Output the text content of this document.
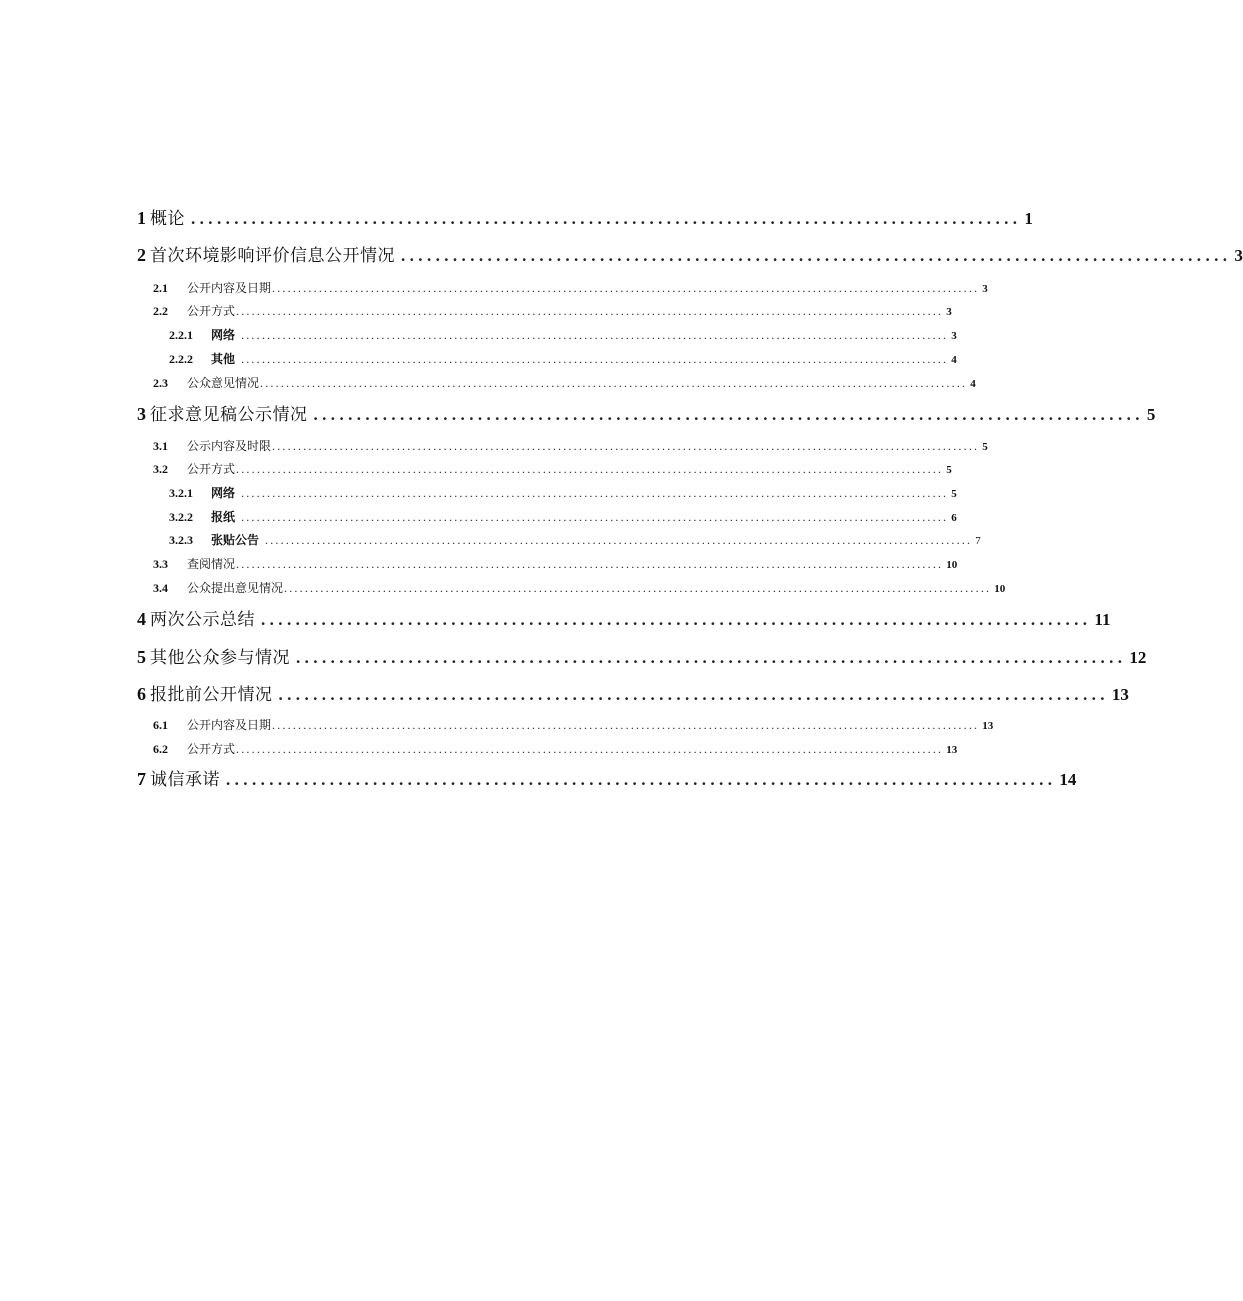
1 概论 ................................................................................................ 1
2 首次环境影响评价信息公开情况 ................................................................................................ 3
2.1	公开内容及日期 ........................................................................................................................................ 3
2.2	公开方式 ........................................................................................................................................ 3
2.2.1	网络 ........................................................................................................................................ 3
2.2.2	其他 ........................................................................................................................................ 4
2.3	公众意见情况 ........................................................................................................................................ 4
3 征求意见稿公示情况 ................................................................................................ 5
3.1	公示内容及时限 ........................................................................................................................................ 5
3.2	公开方式 ........................................................................................................................................ 5
3.2.1	网络 ........................................................................................................................................ 5
3.2.2	报纸 ........................................................................................................................................ 6
3.2.3	张贴公告 ........................................................................................................................................ 7
3.3	查阅情况 ........................................................................................................................................ 10
3.4	公众提出意见情况 ........................................................................................................................................ 10
4 两次公示总结 ................................................................................................ 11
5 其他公众参与情况 ................................................................................................ 12
6 报批前公开情况 ................................................................................................ 13
6.1	公开内容及日期 ........................................................................................................................................ 13
6.2	公开方式 ........................................................................................................................................ 13
7 诚信承诺 ................................................................................................ 14
